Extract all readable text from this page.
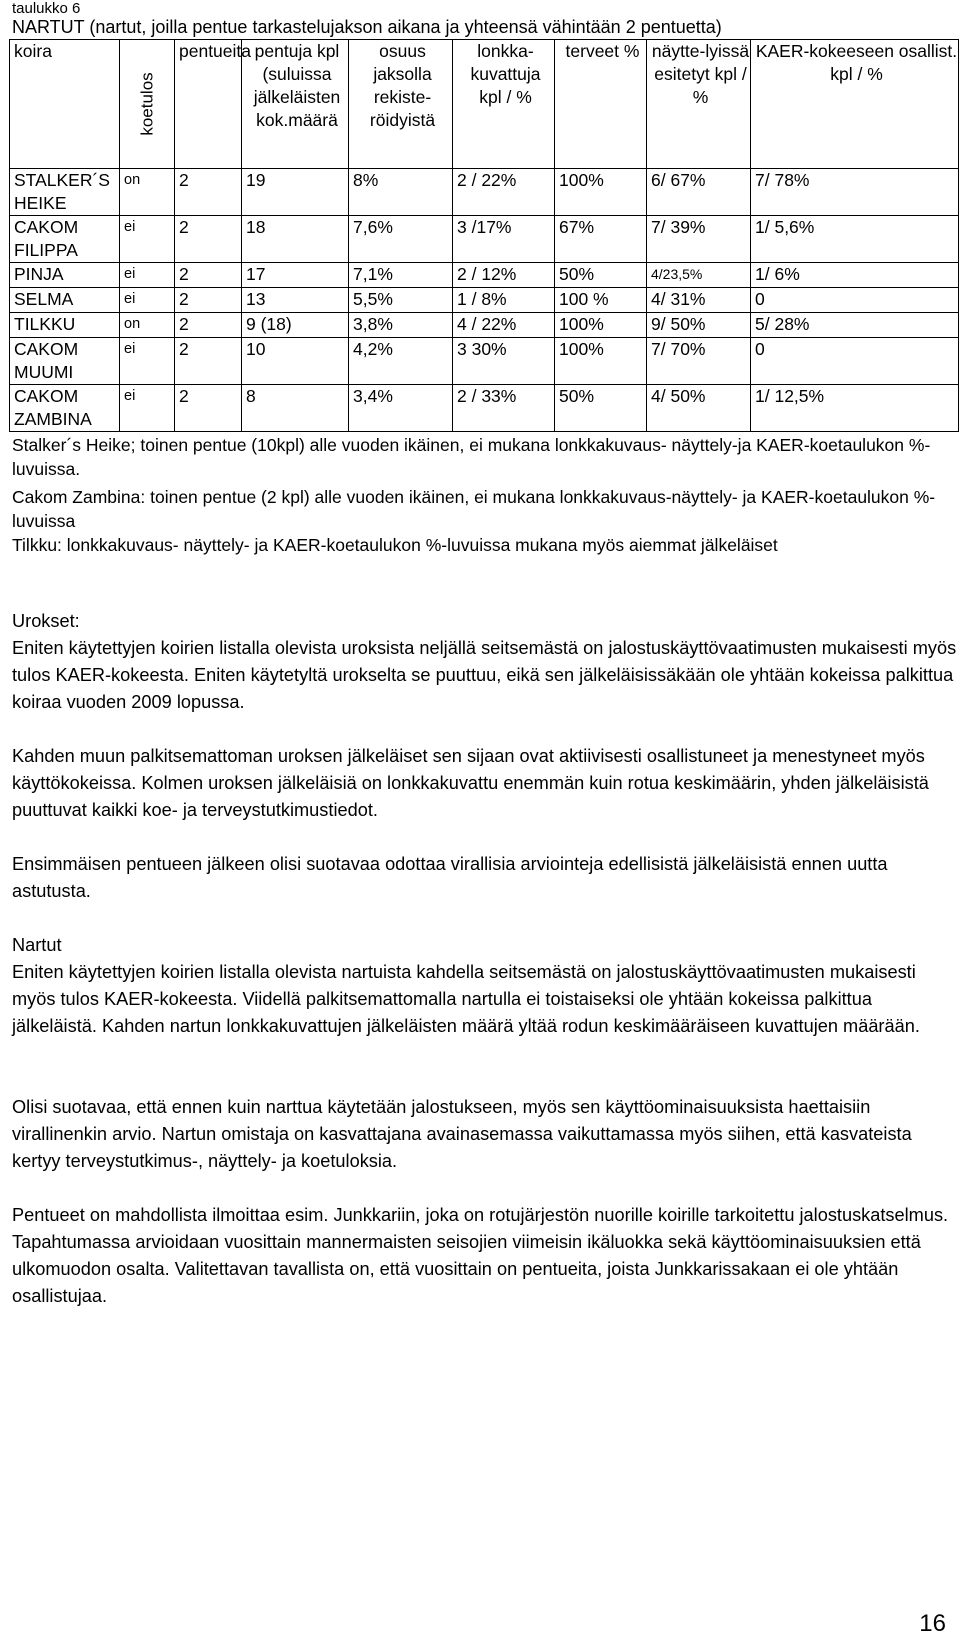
taulukko 6
NARTUT (nartut, joilla pentue tarkastelujakson aikana ja yhteensä vähintään 2 pentuetta)
koira	koetulos	pentueita	pentuja kpl (suluissa jälkeläisten kok.määrä	osuus jaksolla rekiste-röidyistä	lonkka-kuvattuja kpl / %	terveet %	näytte-lyissä esitetyt kpl / %	KAER-kokeeseen osallist. kpl / %
STALKER´S HEIKE	on	2	19	8%	2 / 22%	100%	6/ 67%	7/ 78%
CAKOM FILIPPA	ei	2	18	7,6%	3 /17%	67%	7/ 39%	1/ 5,6%
PINJA	ei	2	17	7,1%	2 / 12%	50%	4/23,5%	1/ 6%
SELMA	ei	2	13	5,5%	1 / 8%	100 %	4/ 31%	0
TILKKU	on	2	9 (18)	3,8%	4 / 22%	100%	9/ 50%	5/ 28%
CAKOM MUUMI	ei	2	10	4,2%	3 30%	100%	7/ 70%	0
CAKOM ZAMBINA	ei	2	8	3,4%	2 / 33%	50%	4/ 50%	1/ 12,5%
Stalker´s Heike; toinen pentue (10kpl) alle vuoden ikäinen, ei mukana lonkkakuvaus- näyttely-ja KAER-koetaulukon %-luvuissa.
Cakom Zambina: toinen pentue (2 kpl) alle vuoden ikäinen, ei mukana lonkkakuvaus-näyttely- ja KAER-koetaulukon %-luvuissa
Tilkku: lonkkakuvaus- näyttely- ja KAER-koetaulukon %-luvuissa mukana myös aiemmat jälkeläiset
Urokset:
Eniten käytettyjen koirien listalla olevista uroksista neljällä seitsemästä on jalostuskäyttövaatimusten mukaisesti myös tulos KAER-kokeesta. Eniten käytetyltä urokselta se puuttuu, eikä sen jälkeläisissäkään ole yhtään kokeissa palkittua koiraa vuoden 2009 lopussa.
Kahden muun palkitsemattoman uroksen jälkeläiset sen sijaan ovat aktiivisesti osallistuneet ja menestyneet myös käyttökokeissa. Kolmen uroksen jälkeläisiä on lonkkakuvattu enemmän kuin rotua keskimäärin, yhden jälkeläisistä puuttuvat kaikki koe- ja terveystutkimustiedot.
Ensimmäisen pentueen jälkeen olisi suotavaa odottaa virallisia arviointeja edellisistä jälkeläisistä ennen uutta astutusta.
Nartut
Eniten käytettyjen koirien listalla olevista nartuista kahdella seitsemästä on jalostuskäyttövaatimusten mukaisesti myös tulos KAER-kokeesta. Viidellä palkitsemattomalla nartulla ei toistaiseksi ole yhtään kokeissa palkittua jälkeläistä. Kahden nartun lonkkakuvattujen jälkeläisten määrä yltää rodun keskimääräiseen kuvattujen määrään.
Olisi suotavaa, että ennen kuin narttua käytetään jalostukseen, myös sen käyttöominaisuuksista haettaisiin virallinenkin arvio. Nartun omistaja on kasvattajana avainasemassa vaikuttamassa myös siihen, että kasvateista kertyy terveystutkimus-, näyttely- ja koetuloksia.
Pentueet on mahdollista ilmoittaa esim. Junkkariin, joka on rotujärjestön nuorille koirille tarkoitettu jalostuskatselmus. Tapahtumassa arvioidaan vuosittain mannermaisten seisojien viimeisin ikäluokka sekä käyttöominaisuuksien että ulkomuodon osalta. Valitettavan tavallista on, että vuosittain on pentueita, joista Junkkarissakaan ei ole yhtään osallistujaa.
16
